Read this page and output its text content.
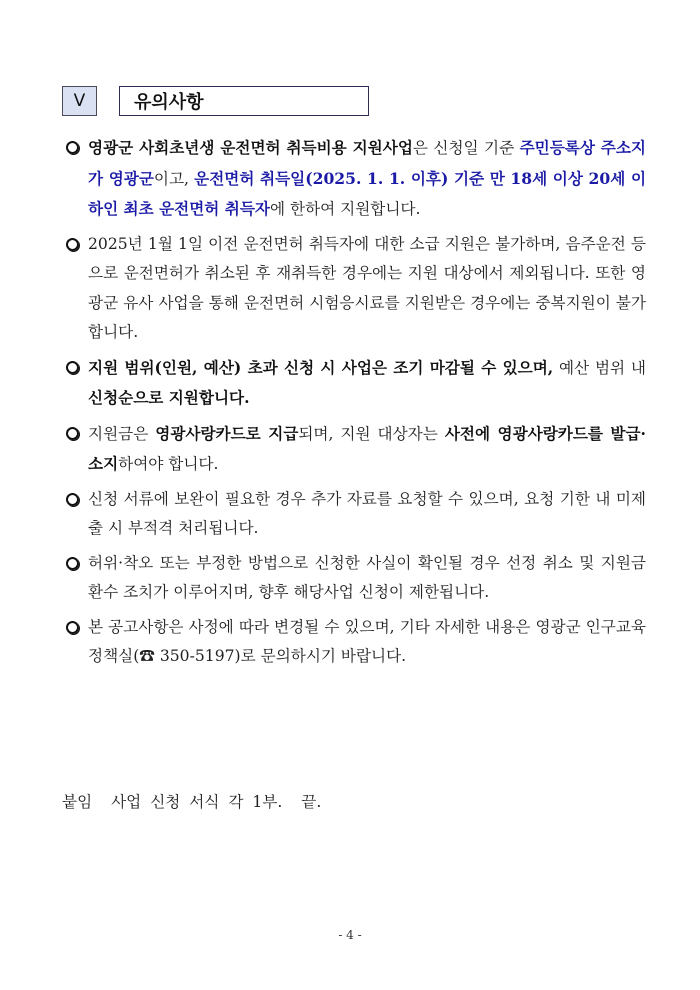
V	유의사항
영광군 사회초년생 운전면허 취득비용 지원사업은 신청일 기준 주민등록상 주소지가 영광군이고, 운전면허 취득일(2025. 1. 1. 이후) 기준 만 18세 이상 20세 이하인 최초 운전면허 취득자에 한하여 지원합니다.
2025년 1월 1일 이전 운전면허 취득자에 대한 소급 지원은 불가하며, 음주운전 등으로 운전면허가 취소된 후 재취득한 경우에는 지원 대상에서 제외됩니다. 또한 영광군 유사 사업을 통해 운전면허 시험응시료를 지원받은 경우에는 중복지원이 불가합니다.
지원 범위(인원, 예산) 초과 신청 시 사업은 조기 마감될 수 있으며, 예산 범위 내 신청순으로 지원합니다.
지원금은 영광사랑카드로 지급되며, 지원 대상자는 사전에 영광사랑카드를 발급·소지하여야 합니다.
신청 서류에 보완이 필요한 경우 추가 자료를 요청할 수 있으며, 요청 기한 내 미제출 시 부적격 처리됩니다.
허위·착오 또는 부정한 방법으로 신청한 사실이 확인될 경우 선정 취소 및 지원금 환수 조치가 이루어지며, 향후 해당사업 신청이 제한됩니다.
본 공고사항은 사정에 따라 변경될 수 있으며, 기타 자세한 내용은 영광군 인구교육정책실(☎ 350-5197)로 문의하시기 바랍니다.
붙임 사업 신청 서식 각 1부. 끝.
- 4 -
